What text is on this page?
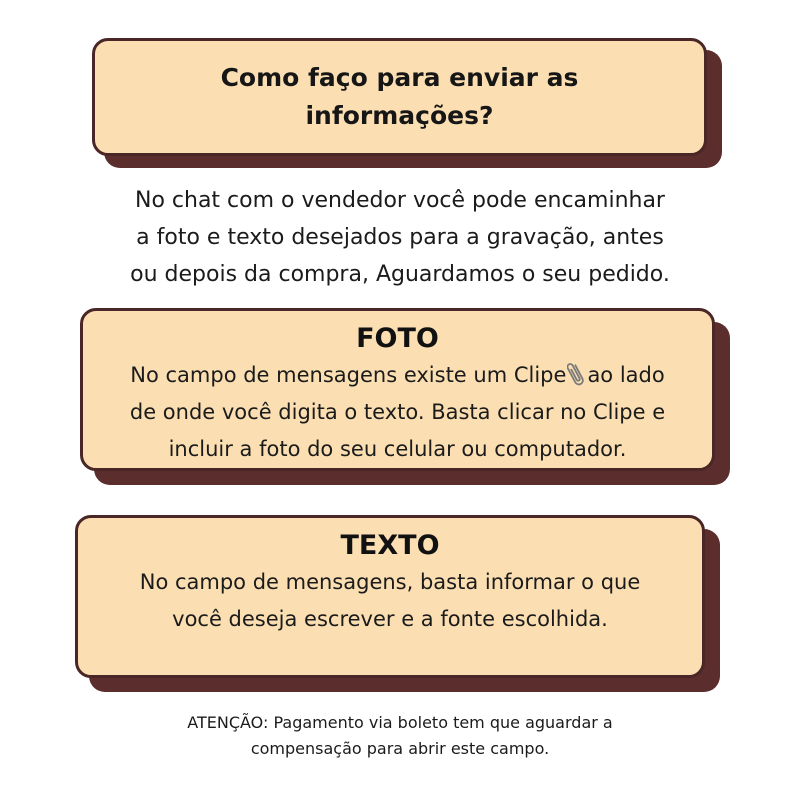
Como faço para enviar as
informações?
No chat com o vendedor você pode encaminhar
a foto e texto desejados para a gravação, antes
ou depois da compra, Aguardamos o seu pedido.
FOTO
No campo de mensagens existe um Clipe ao lado
de onde você digita o texto. Basta clicar no Clipe e
incluir a foto do seu celular ou computador.
TEXTO
No campo de mensagens, basta informar o que
você deseja escrever e a fonte escolhida.
ATENÇÃO: Pagamento via boleto tem que aguardar a
compensação para abrir este campo.
